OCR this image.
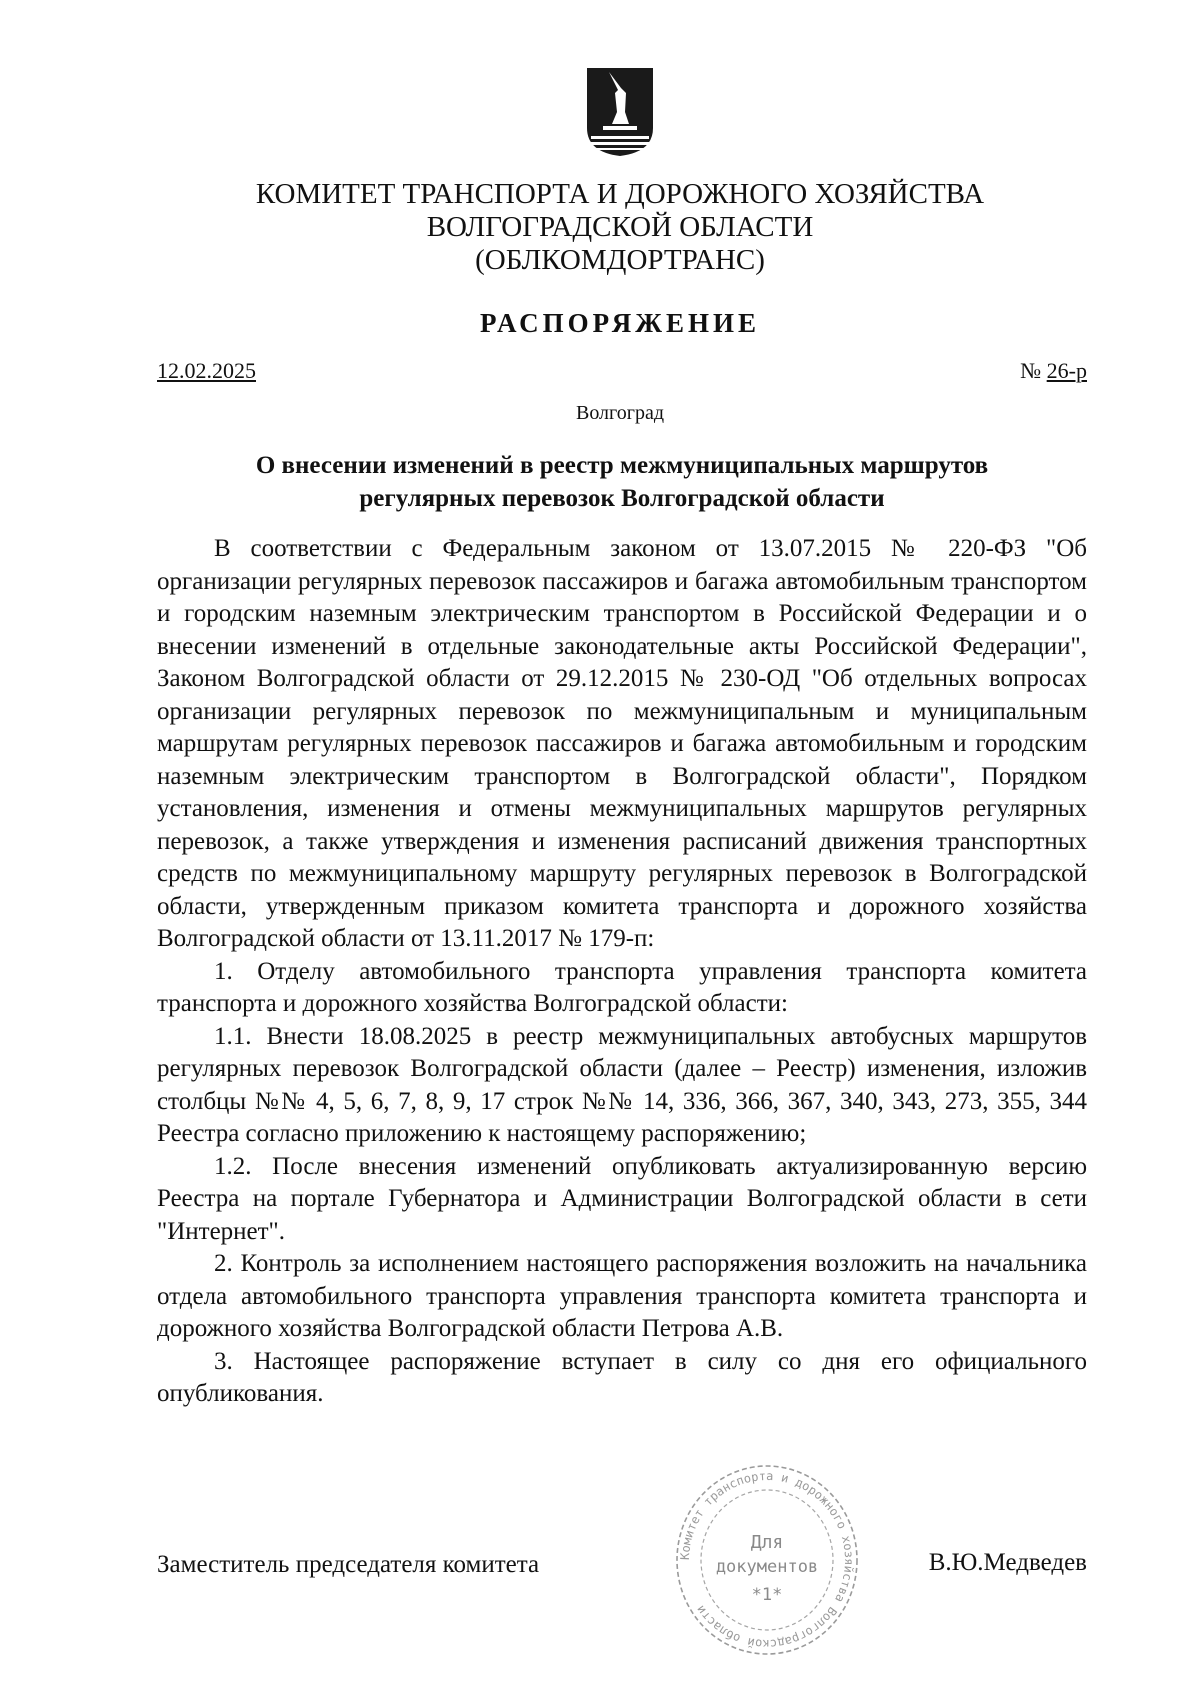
КОМИТЕТ ТРАНСПОРТА И ДОРОЖНОГО ХОЗЯЙСТВА
ВОЛГОГРАДСКОЙ ОБЛАСТИ
(ОБЛКОМДОРТРАНС)
РАСПОРЯЖЕНИЕ
12.02.2025	№ 26-р
Волгоград
О внесении изменений в реестр межмуниципальных маршрутов
регулярных перевозок Волгоградской области

В соответствии с Федеральным законом от 13.07.2015 № 220-ФЗ "Об организации регулярных перевозок пассажиров и багажа автомобильным транспортом и городским наземным электрическим транспортом в Российской Федерации и о внесении изменений в отдельные законодательные акты Российской Федерации", Законом Волгоградской области от 29.12.2015 № 230-ОД "Об отдельных вопросах организации регулярных перевозок по межмуниципальным и муниципальным маршрутам регулярных перевозок пассажиров и багажа автомобильным и городским наземным электрическим транспортом в Волгоградской области", Порядком установления, изменения и отмены межмуниципальных маршрутов регулярных перевозок, а также утверждения и изменения расписаний движения транспортных средств по межмуниципальному маршруту регулярных перевозок в Волгоградской области, утвержденным приказом комитета транспорта и дорожного хозяйства Волгоградской области от 13.11.2017 № 179-п:

1. Отделу автомобильного транспорта управления транспорта комитета транспорта и дорожного хозяйства Волгоградской области:

1.1. Внести 18.08.2025 в реестр межмуниципальных автобусных маршрутов регулярных перевозок Волгоградской области (далее – Реестр) изменения, изложив столбцы №№ 4, 5, 6, 7, 8, 9, 17 строк №№ 14, 336, 366, 367, 340, 343, 273, 355, 344 Реестра согласно приложению к настоящему распоряжению;

1.2. После внесения изменений опубликовать актуализированную версию Реестра на портале Губернатора и Администрации Волгоградской области в сети "Интернет".

2. Контроль за исполнением настоящего распоряжения возложить на начальника отдела автомобильного транспорта управления транспорта комитета транспорта и дорожного хозяйства Волгоградской области Петрова А.В.

3. Настоящее распоряжение вступает в силу со дня его официального опубликования.

Заместитель председателя комитета	В.Ю.Медведев
Комитет транспорта и дорожного хозяйства Волгоградской области
Для
документов
*1*
